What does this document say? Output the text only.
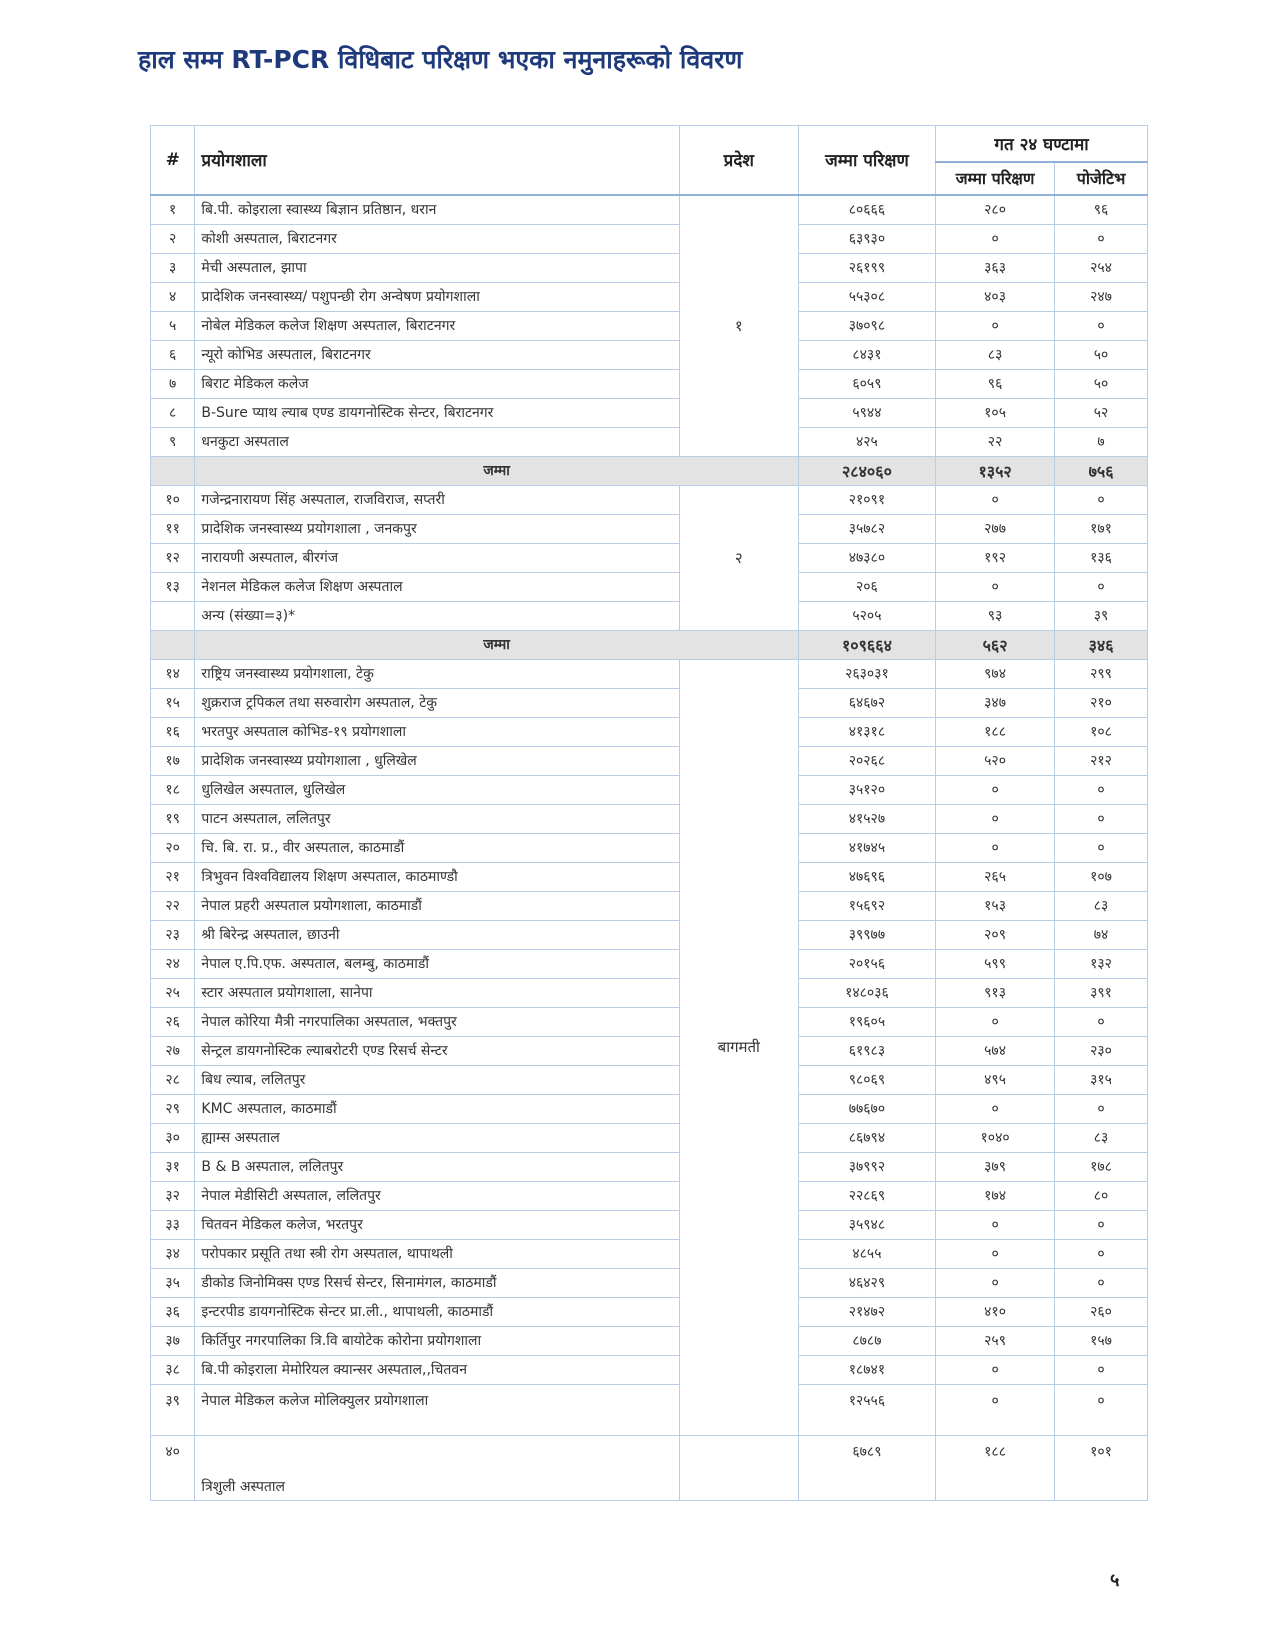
हाल सम्म RT-PCR विधिबाट परिक्षण भएका नमुनाहरूको विवरण
#	प्रयोगशाला	प्रदेश	जम्मा परिक्षण	गत २४ घण्टामा	
				जम्मा परिक्षण	पोजेटिभ
१	बि.पी. कोइराला स्वास्थ्य बिज्ञान प्रतिष्ठान, धरान	१	८०६६६	२८०	९६
२	कोशी अस्पताल, बिराटनगर		६३९३०	०	०
३	मेची अस्पताल, झापा		२६१९९	३६३	२५४
४	प्रादेशिक जनस्वास्थ्य/ पशुपन्छी रोग अन्वेषण प्रयोगशाला		५५३०८	४०३	२४७
५	नोबेल मेडिकल कलेज शिक्षण अस्पताल, बिराटनगर		३७०९८	०	०
६	न्यूरो कोभिड अस्पताल, बिराटनगर		८४३१	८३	५०
७	बिराट मेडिकल कलेज		६०५९	९६	५०
८	B-Sure प्याथ ल्याब एण्ड डायगनोस्टिक सेन्टर, बिराटनगर		५९४४	१०५	५२
९	धनकुटा अस्पताल		४२५	२२	७
	जम्मा		२८४०६०	१३५२	७५६
१०	गजेन्द्रनारायण सिंह अस्पताल, राजविराज, सप्तरी	२	२१०९१	०	०
११	प्रादेशिक जनस्वास्थ्य प्रयोगशाला , जनकपुर		३५७८२	२७७	१७१
१२	नारायणी अस्पताल, बीरगंज		४७३८०	१९२	१३६
१३	नेशनल मेडिकल कलेज शिक्षण अस्पताल		२०६	०	०
	अन्य (संख्या=३)*		५२०५	९३	३९
	जम्मा		१०९६६४	५६२	३४६
१४	राष्ट्रिय जनस्वास्थ्य प्रयोगशाला, टेकु	बागमती	२६३०३१	९७४	२९९
१५	शुक्रराज ट्रपिकल तथा सरुवारोग अस्पताल, टेकु		६४६७२	३४७	२१०
१६	भरतपुर अस्पताल कोभिड-१९ प्रयोगशाला		४१३१८	१८८	१०८
१७	प्रादेशिक जनस्वास्थ्य प्रयोगशाला , धुलिखेल		२०२६८	५२०	२१२
१८	धुलिखेल अस्पताल, धुलिखेल		३५१२०	०	०
१९	पाटन अस्पताल, ललितपुर		४१५२७	०	०
२०	चि. बि. रा. प्र., वीर अस्पताल, काठमाडौं		४१७४५	०	०
२१	त्रिभुवन विश्वविद्यालय शिक्षण अस्पताल, काठमाण्डौ		४७६९६	२६५	१०७
२२	नेपाल प्रहरी अस्पताल प्रयोगशाला, काठमाडौं		१५६९२	१५३	८३
२३	श्री बिरेन्द्र अस्पताल, छाउनी		३९९७७	२०९	७४
२४	नेपाल ए.पि.एफ. अस्पताल, बलम्बु, काठमाडौं		२०१५६	५९९	१३२
२५	स्टार अस्पताल प्रयोगशाला, सानेपा		१४८०३६	९१३	३९१
२६	नेपाल कोरिया मैत्री नगरपालिका अस्पताल, भक्तपुर		१९६०५	०	०
२७	सेन्ट्रल डायगनोस्टिक ल्याबरोटरी एण्ड रिसर्च सेन्टर		६१९८३	५७४	२३०
२८	बिध ल्याब, ललितपुर		९८०६९	४९५	३१५
२९	KMC अस्पताल, काठमाडौं		७७६७०	०	०
३०	ह्याम्स अस्पताल		८६७९४	१०४०	८३
३१	B & B अस्पताल, ललितपुर		३७९९२	३७९	१७८
३२	नेपाल मेडीसिटी अस्पताल, ललितपुर		२२८६९	१७४	८०
३३	चितवन मेडिकल कलेज, भरतपुर		३५९४८	०	०
३४	परोपकार प्रसूति तथा स्त्री रोग अस्पताल, थापाथली		४८५५	०	०
३५	डीकोड जिनोमिक्स एण्ड रिसर्च सेन्टर, सिनामंगल, काठमाडौं		४६४२९	०	०
३६	इन्टरपीड डायगनोस्टिक सेन्टर प्रा.ली., थापाथली, काठमाडौं		२१४७२	४१०	२६०
३७	किर्तिपुर नगरपालिका त्रि.वि बायोटेक कोरोना प्रयोगशाला		८७८७	२५९	१५७
३८	बि.पी कोइराला मेमोरियल क्यान्सर अस्पताल,,चितवन		१८७४१	०	०
३९	नेपाल मेडिकल कलेज मोलिक्युलर प्रयोगशाला		१२५५६	०	०
४०	त्रिशुली अस्पताल		६७८९	१८८	१०१
५
